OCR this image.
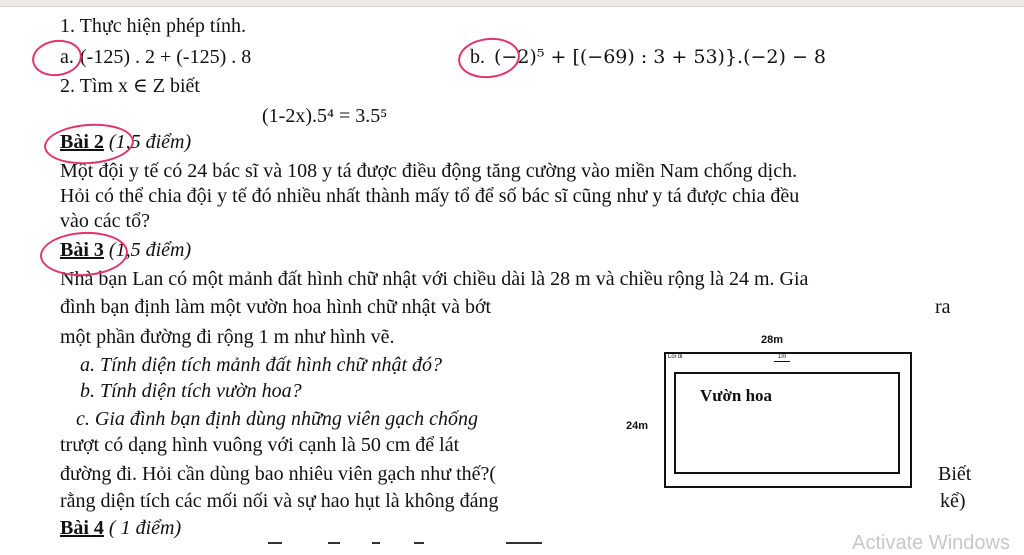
1. Thực hiện phép tính.
a. (-125) . 2 + (-125) . 8	b. (−2)⁵ + [(−69) : 3 + 53)}.(−2) − 8
2. Tìm x ∈ Z biết
(1-2x).5⁴ = 3.5⁵
Bài 2 (1,5 điểm)
Một đội y tế có 24 bác sĩ và 108 y tá được điều động tăng cường vào miền Nam chống dịch.
Hỏi có thể chia đội y tế đó nhiều nhất thành mấy tổ để số bác sĩ cũng như y tá được chia đều
vào các tổ?
Bài 3 (1,5 điểm)
Nhà bạn Lan có một mảnh đất hình chữ nhật với chiều dài là 28 m và chiều rộng là 24 m. Gia
đình bạn định làm một vườn hoa hình chữ nhật và bớt	ra
một phần đường đi rộng 1 m như hình vẽ.
a. Tính diện tích mảnh đất hình chữ nhật đó?
b. Tính diện tích vườn hoa?
c. Gia đình bạn định dùng những viên gạch chống
trượt có dạng hình vuông với cạnh là 50 cm để lát
đường đi. Hỏi cần dùng bao nhiêu viên gạch như thế?(	Biết
rằng diện tích các mối nối và sự hao hụt là không đáng	kể)
28m
Lối đi	1m
Vườn hoa
24m
Bài 4 ( 1 điểm)
Activate Windows
